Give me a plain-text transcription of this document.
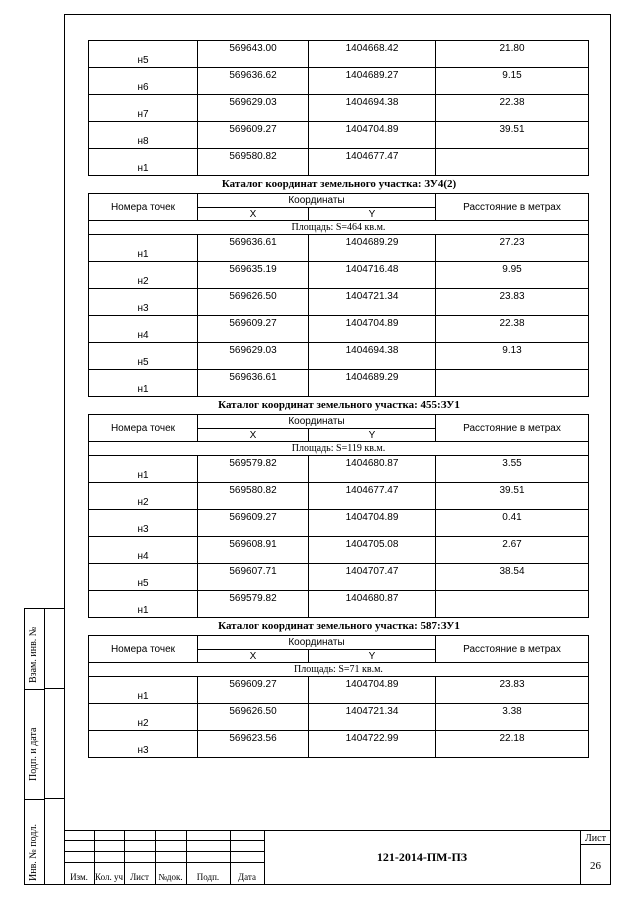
Взам. инв. №
Подп. и дата
Инв. № подл.
н5	569643.00	1404668.42	21.80
н6	569636.62	1404689.27	9.15
н7	569629.03	1404694.38	22.38
н8	569609.27	1404704.89	39.51
н1	569580.82	1404677.47	
Каталог координат земельного участка: ЗУ4(2)
Номера точек	Координаты		Расстояние в метрах
	X	Y	
Площадь: S=464 кв.м.			
н1	569636.61	1404689.29	27.23
н2	569635.19	1404716.48	9.95
н3	569626.50	1404721.34	23.83
н4	569609.27	1404704.89	22.38
н5	569629.03	1404694.38	9.13
н1	569636.61	1404689.29	
Каталог координат земельного участка: 455:ЗУ1
Номера точек	Координаты		Расстояние в метрах
	X	Y	
Площадь: S=119 кв.м.			
н1	569579.82	1404680.87	3.55
н2	569580.82	1404677.47	39.51
н3	569609.27	1404704.89	0.41
н4	569608.91	1404705.08	2.67
н5	569607.71	1404707.47	38.54
н1	569579.82	1404680.87	
Каталог координат земельного участка: 587:ЗУ1
Номера точек	Координаты		Расстояние в метрах
	X	Y	
Площадь: S=71 кв.м.			
н1	569609.27	1404704.89	23.83
н2	569626.50	1404721.34	3.38
н3	569623.56	1404722.99	22.18
Изм. Кол. уч Лист	№док.	Подп.	Дата
121-2014-ПМ-ПЗ
Лист
26
